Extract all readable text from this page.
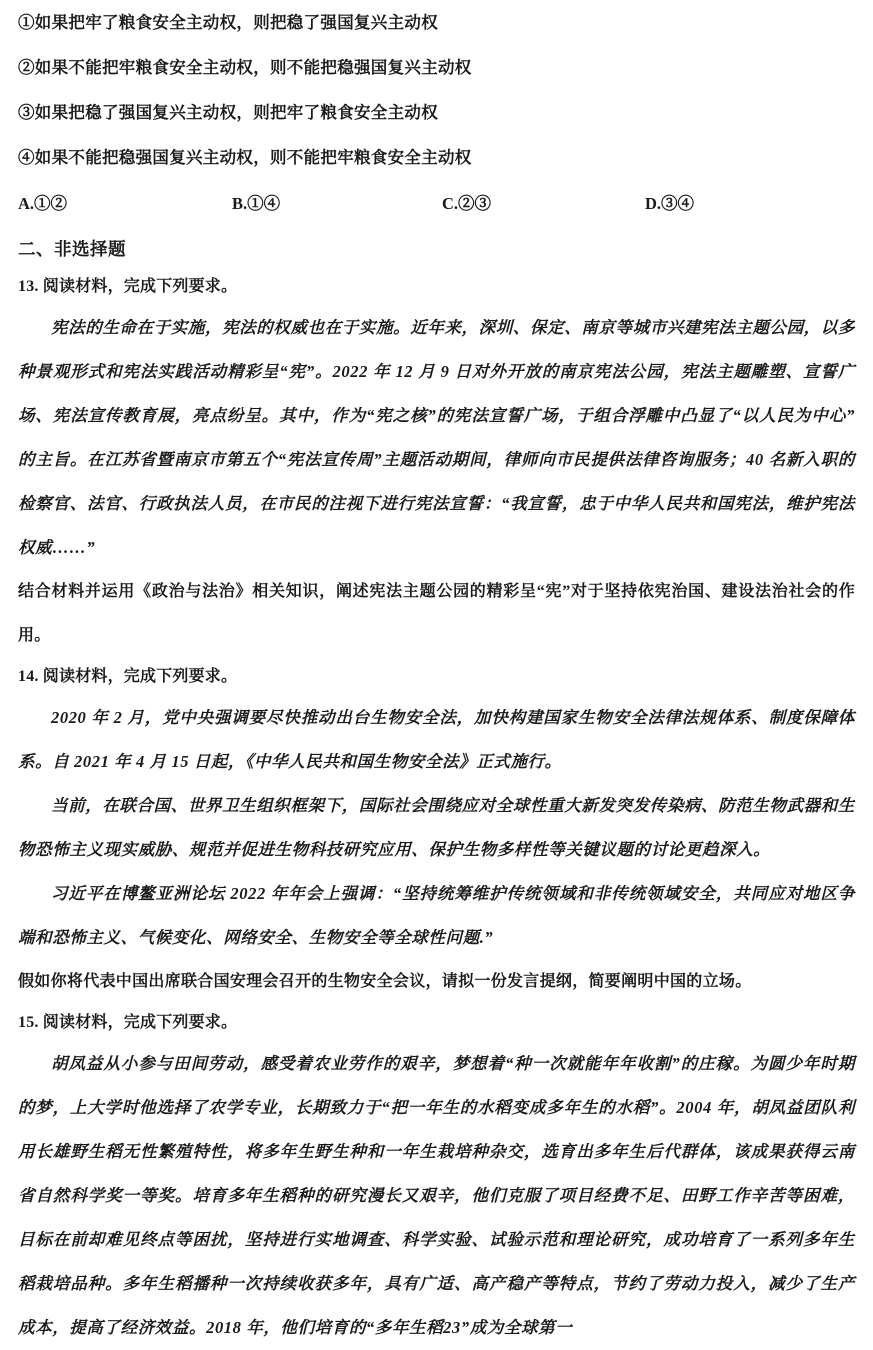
①如果把牢了粮食安全主动权，则把稳了强国复兴主动权
②如果不能把牢粮食安全主动权，则不能把稳强国复兴主动权
③如果把稳了强国复兴主动权，则把牢了粮食安全主动权
④如果不能把稳强国复兴主动权，则不能把牢粮食安全主动权
A.①②	B.①④	C.②③	D.③④
二、非选择题
13. 阅读材料，完成下列要求。

宪法的生命在于实施，宪法的权威也在于实施。近年来，深圳、保定、南京等城市兴建宪法主题公园，以多种景观形式和宪法实践活动精彩呈“宪”。2022 年 12 月 9 日对外开放的南京宪法公园，宪法主题雕塑、宣誓广场、宪法宣传教育展，亮点纷呈。其中，作为“宪之核”的宪法宣誓广场，于组合浮雕中凸显了“以人民为中心”的主旨。在江苏省暨南京市第五个“宪法宣传周”主题活动期间，律师向市民提供法律咨询服务；40 名新入职的检察官、法官、行政执法人员，在市民的注视下进行宪法宣誓：“我宣誓，忠于中华人民共和国宪法，维护宪法权威……”

结合材料并运用《政治与法治》相关知识，阐述宪法主题公园的精彩呈“宪”对于坚持依宪治国、建设法治社会的作用。

14. 阅读材料，完成下列要求。

2020 年 2 月，党中央强调要尽快推动出台生物安全法，加快构建国家生物安全法律法规体系、制度保障体系。自 2021 年 4 月 15 日起，《中华人民共和国生物安全法》正式施行。

当前，在联合国、世界卫生组织框架下，国际社会围绕应对全球性重大新发突发传染病、防范生物武器和生物恐怖主义现实威胁、规范并促进生物科技研究应用、保护生物多样性等关键议题的讨论更趋深入。

习近平在博鳌亚洲论坛 2022 年年会上强调：“坚持统筹维护传统领域和非传统领域安全，共同应对地区争端和恐怖主义、气候变化、网络安全、生物安全等全球性问题.”

假如你将代表中国出席联合国安理会召开的生物安全会议，请拟一份发言提纲，简要阐明中国的立场。

15. 阅读材料，完成下列要求。

胡凤益从小参与田间劳动，感受着农业劳作的艰辛，梦想着“种一次就能年年收割”的庄稼。为圆少年时期的梦，上大学时他选择了农学专业，长期致力于“把一年生的水稻变成多年生的水稻”。2004 年，胡凤益团队利用长雄野生稻无性繁殖特性，将多年生野生种和一年生栽培种杂交，选育出多年生后代群体，该成果获得云南省自然科学奖一等奖。培育多年生稻种的研究漫长又艰辛，他们克服了项目经费不足、田野工作辛苦等困难，目标在前却难见终点等困扰，坚持进行实地调查、科学实验、试验示范和理论研究，成功培育了一系列多年生稻栽培品种。多年生稻播种一次持续收获多年，具有广适、高产稳产等特点，节约了劳动力投入，减少了生产成本，提高了经济效益。2018 年，他们培育的“多年生稻23”成为全球第一
